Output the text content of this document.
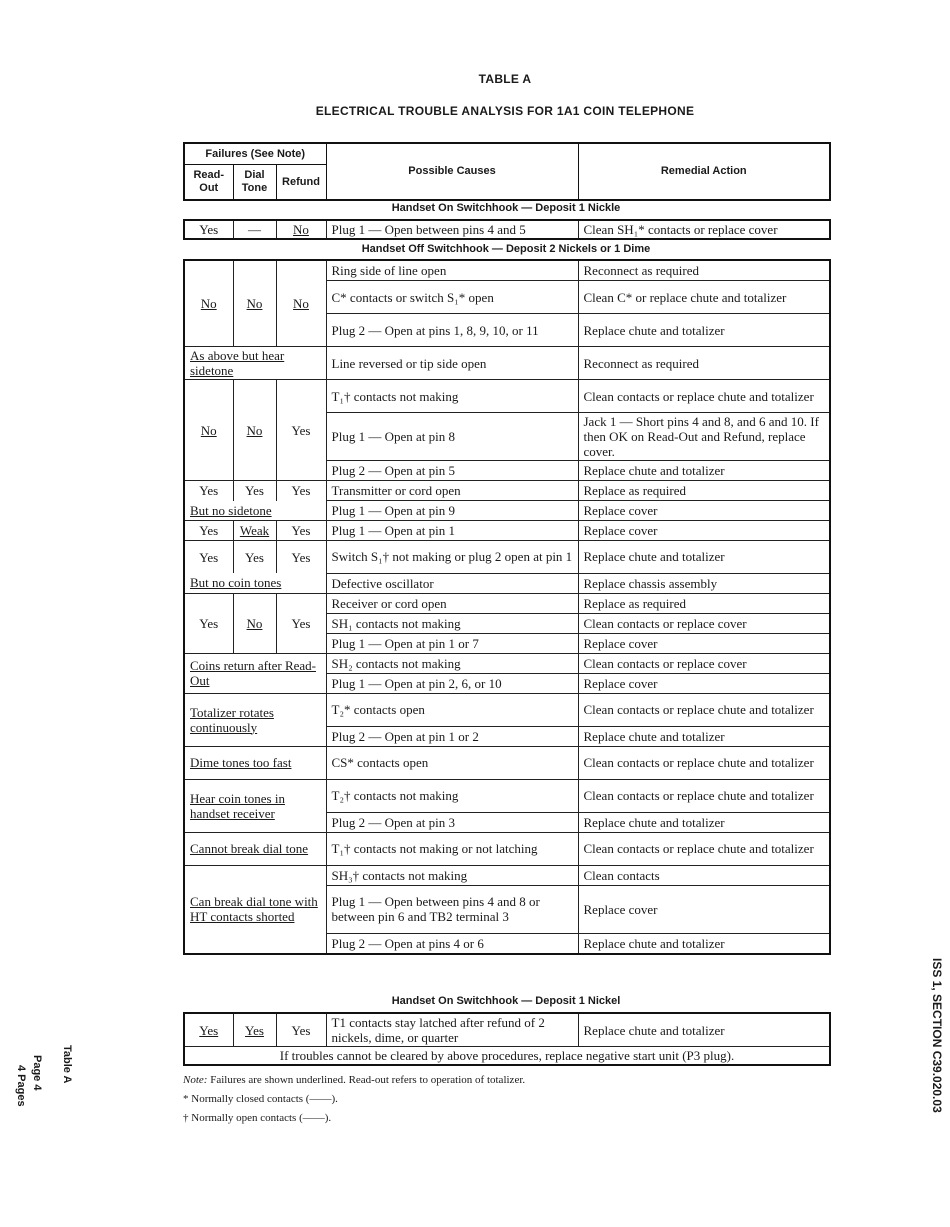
TABLE A
ELECTRICAL TROUBLE ANALYSIS FOR 1A1 COIN TELEPHONE
Failures (See Note)			Possible Causes	Remedial Action
Read-Out	Dial Tone	Refund		
Handset On Switchhook — Deposit 1 Nickle
Yes	—	No	Plug 1 — Open between pins 4 and 5	Clean SH₁* contacts or replace cover
Handset Off Switchhook — Deposit 2 Nickels or 1 Dime
No	No	No	Ring side of line open	Reconnect as required
			C* contacts or switch S₁* open	Clean C* or replace chute and totalizer
			Plug 2 — Open at pins 1, 8, 9, 10, or 11	Replace chute and totalizer
As above but hear sidetone			Line reversed or tip side open	Reconnect as required
No	No	Yes	T₁† contacts not making	Clean contacts or replace chute and totalizer
			Plug 1 — Open at pin 8	Jack 1 — Short pins 4 and 8, and 6 and 10. If then OK on Read-Out and Refund, replace cover.
			Plug 2 — Open at pin 5	Replace chute and totalizer
Yes	Yes	Yes	Transmitter or cord open	Replace as required
But no sidetone			Plug 1 — Open at pin 9	Replace cover
Yes	Weak	Yes	Plug 1 — Open at pin 1	Replace cover
Yes	Yes	Yes	Switch S₁† not making or plug 2 open at pin 1	Replace chute and totalizer
But no coin tones			Defective oscillator	Replace chassis assembly
Yes	No	Yes	Receiver or cord open	Replace as required
			SH₁ contacts not making	Clean contacts or replace cover
			Plug 1 — Open at pin 1 or 7	Replace cover
Coins return after Read-Out			SH₂ contacts not making	Clean contacts or replace cover
			Plug 1 — Open at pin 2, 6, or 10	Replace cover
Totalizer rotates continuously			T₂* contacts open	Clean contacts or replace chute and totalizer
			Plug 2 — Open at pin 1 or 2	Replace chute and totalizer
Dime tones too fast			CS* contacts open	Clean contacts or replace chute and totalizer
Hear coin tones in handset receiver			T₂† contacts not making	Clean contacts or replace chute and totalizer
			Plug 2 — Open at pin 3	Replace chute and totalizer
Cannot break dial tone			T₁† contacts not making or not latching	Clean contacts or replace chute and totalizer
Can break dial tone with HT contacts shorted			SH₃† contacts not making	Clean contacts
			Plug 1 — Open between pins 4 and 8 or between pin 6 and TB2 terminal 3	Replace cover
			Plug 2 — Open at pins 4 or 6	Replace chute and totalizer
Handset On Switchhook — Deposit 1 Nickel
Yes	Yes	Yes	T1 contacts stay latched after refund of 2 nickels, dime, or quarter	Replace chute and totalizer
If troubles cannot be cleared by above procedures, replace negative start unit (P3 plug).
Note: Failures are shown underlined. Read-out refers to operation of totalizer.
* Normally closed contacts (——).
† Normally open contacts (——).
ISS 1, SECTION C39.020.03
Table A
Page 4
4 Pages
